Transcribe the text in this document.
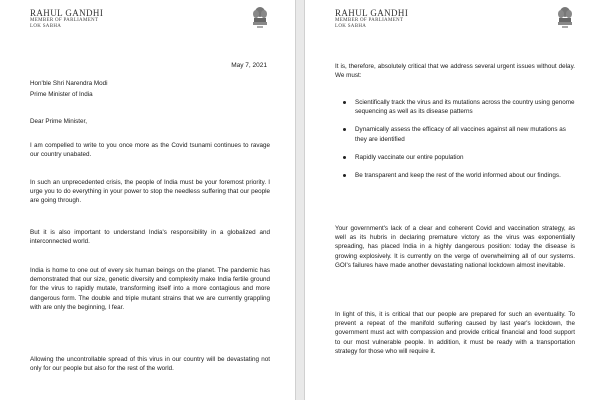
RAHUL GANDHI
MEMBER OF PARLIAMENT
LOK SABHA
May 7, 2021
Hon'ble Shri Narendra Modi
Prime Minister of India
Dear Prime Minister,
I am compelled to write to you once more as the Covid tsunami continues to ravage our country unabated.
In such an unprecedented crisis, the people of India must be your foremost priority. I urge you to do everything in your power to stop the needless suffering that our people are going through.
But it is also important to understand India's responsibility in a globalized and interconnected world.
India is home to one out of every six human beings on the planet. The pandemic has demonstrated that our size, genetic diversity and complexity make India fertile ground for the virus to rapidly mutate, transforming itself into a more contagious and more dangerous form. The double and triple mutant strains that we are currently grappling with are only the beginning, I fear.
Allowing the uncontrollable spread of this virus in our country will be devastating not only for our people but also for the rest of the world.
RAHUL GANDHI
MEMBER OF PARLIAMENT
LOK SABHA
It is, therefore, absolutely critical that we address several urgent issues without delay. We must:
Scientifically track the virus and its mutations across the country using genome sequencing as well as its disease patterns
Dynamically assess the efficacy of all vaccines against all new mutations as they are identified
Rapidly vaccinate our entire population
Be transparent and keep the rest of the world informed about our findings.
Your government's lack of a clear and coherent Covid and vaccination strategy, as well as its hubris in declaring premature victory as the virus was exponentially spreading, has placed India in a highly dangerous position: today the disease is growing explosively. It is currently on the verge of overwhelming all of our systems. GOI's failures have made another devastating national lockdown almost inevitable.
In light of this, it is critical that our people are prepared for such an eventuality. To prevent a repeat of the manifold suffering caused by last year's lockdown, the government must act with compassion and provide critical financial and food support to our most vulnerable people. In addition, it must be ready with a transportation strategy for those who will require it.
